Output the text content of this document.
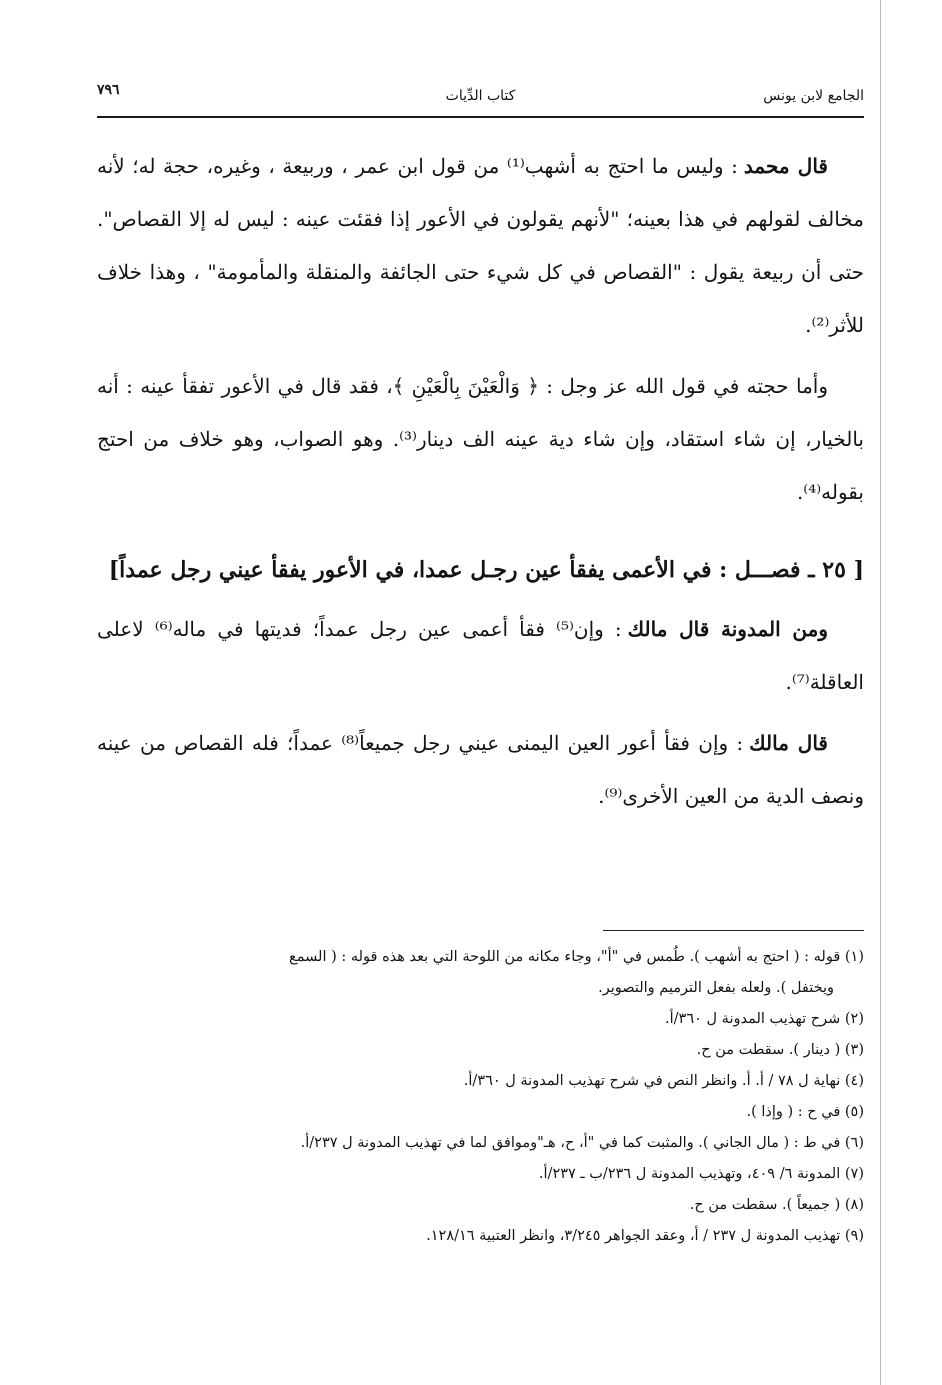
الجامع لابن يونس
كتاب الدِّيات
٧٩٦

قال محمد: وليس ما احتج به أشهب⁽¹⁾ من قول ابن عمر ، وربيعة ، وغيره، حجة له؛ لأنه مخالف لقولهم في هذا بعينه؛ "لأنهم يقولون في الأعور إذا فقئت عينه : ليس له إلا القصاص". حتى أن ربيعة يقول : "القصاص في كل شيء حتى الجائفة والمنقلة والمأمومة" ، وهذا خلاف للأثر⁽²⁾.

وأما حجته في قول الله عز وجل : ﴿ وَالْعَيْنَ بِالْعَيْنِ ﴾، فقد قال في الأعور تفقأ عينه : أنه بالخيار، إن شاء استقاد، وإن شاء دية عينه الف دينار⁽³⁾. وهو الصواب، وهو خلاف من احتج بقوله⁽⁴⁾.

[ ٢٥ ـ فصـــل : في الأعمى يفقأ عين رجـل عمدا، في الأعور يفقأ عيني رجل عمداً]

ومن المدونة قال مالك: وإن⁽⁵⁾ فقأ أعمى عين رجل عمداً؛ فديتها في ماله⁽⁶⁾ لاعلى العاقلة⁽⁷⁾.

قال مالك: وإن فقأ أعور العين اليمنى عيني رجل جميعاً⁽⁸⁾ عمداً؛ فله القصاص من عينه ونصف الدية من العين الأخرى⁽⁹⁾.

(١) قوله : ( احتج به أشهب ). طُمس في "أ"، وجاء مكانه من اللوحة التي بعد هذه قوله : ( السمع

ويختفل ). ولعله بفعل الترميم والتصوير.

(٢) شرح تهذيب المدونة ل ٣٦٠/أ.

(٣) ( دينار ). سقطت من ح.

(٤) نهاية ل ٧٨ / أ. أ. وانظر النص في شرح تهذيب المدونة ل ٣٦٠/أ.

(٥) في ح : ( وإذا ).

(٦) في ط : ( مال الجاني ). والمثبت كما في "أ، ح، هـ"وموافق لما في تهذيب المدونة ل ٢٣٧/أ.

(٧) المدونة ٦/ ٤٠٩، وتهذيب المدونة ل ٢٣٦/ب ـ ٢٣٧/أ.

(٨) ( جميعاً ). سقطت من ح.

(٩) تهذيب المدونة ل ٢٣٧ / أ، وعقد الجواهر ٣/٢٤٥، وانظر العتبية ١٢٨/١٦.
